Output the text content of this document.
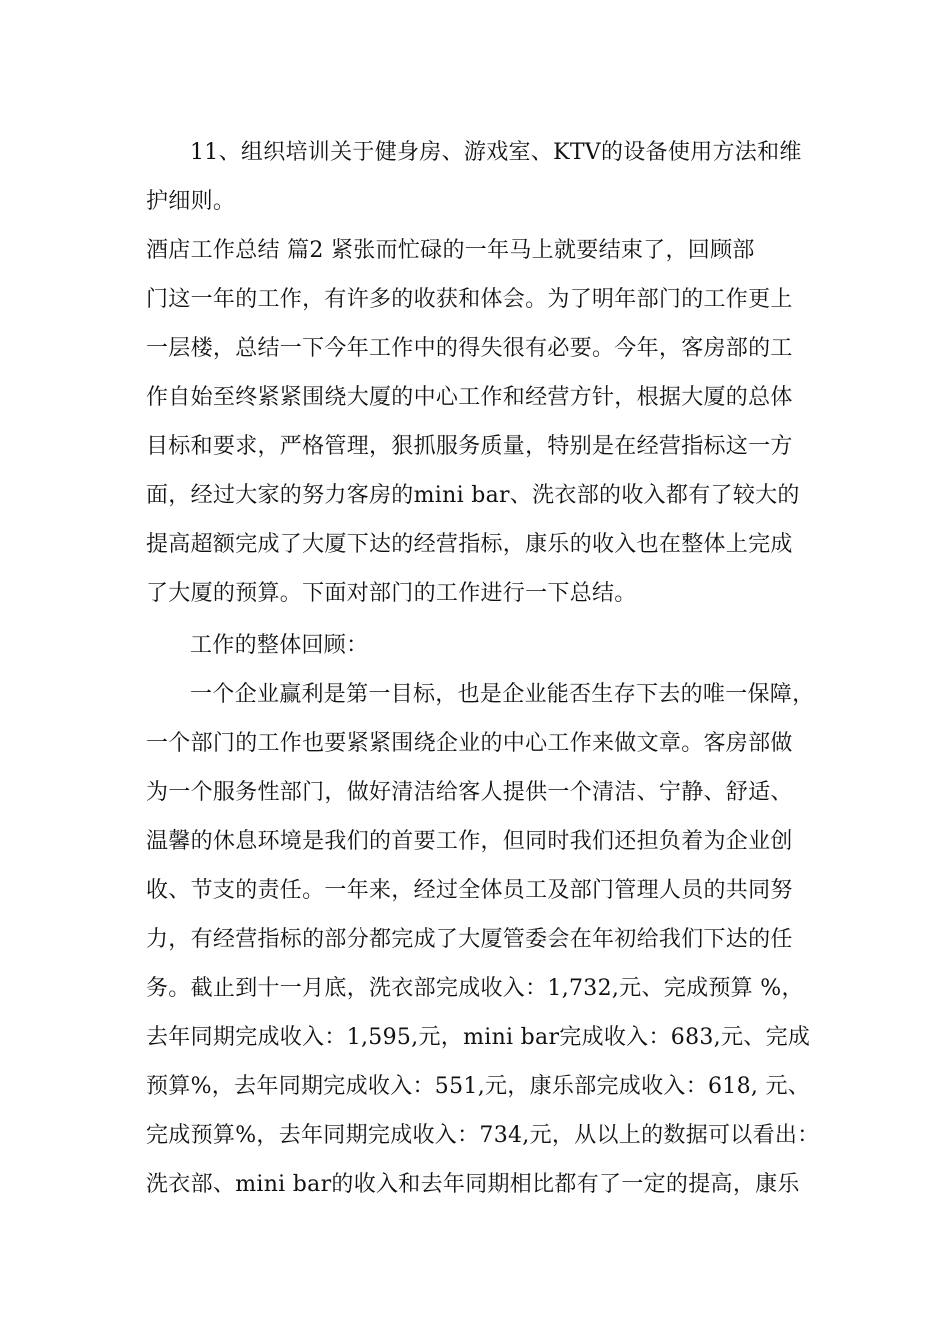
11、组织培训关于健身房、游戏室、KTV的设备使用方法和维
护细则。
酒店工作总结 篇2 紧张而忙碌的一年马上就要结束了，回顾部
门这一年的工作，有许多的收获和体会。为了明年部门的工作更上
一层楼，总结一下今年工作中的得失很有必要。今年，客房部的工
作自始至终紧紧围绕大厦的中心工作和经营方针，根据大厦的总体
目标和要求，严格管理，狠抓服务质量，特别是在经营指标这一方
面，经过大家的努力客房的mini bar、洗衣部的收入都有了较大的
提高超额完成了大厦下达的经营指标，康乐的收入也在整体上完成
了大厦的预算。下面对部门的工作进行一下总结。
工作的整体回顾：
一个企业赢利是第一目标，也是企业能否生存下去的唯一保障，
一个部门的工作也要紧紧围绕企业的中心工作来做文章。客房部做
为一个服务性部门，做好清洁给客人提供一个清洁、宁静、舒适、
温馨的休息环境是我们的首要工作，但同时我们还担负着为企业创
收、节支的责任。一年来，经过全体员工及部门管理人员的共同努
力，有经营指标的部分都完成了大厦管委会在年初给我们下达的任
务。截止到十一月底，洗衣部完成收入：1,732,元、完成预算 %，
去年同期完成收入：1,595,元，mini bar完成收入：683,元、完成
预算%，去年同期完成收入：551,元，康乐部完成收入：618, 元、
完成预算%，去年同期完成收入：734,元，从以上的数据可以看出：
洗衣部、mini bar的收入和去年同期相比都有了一定的提高，康乐
